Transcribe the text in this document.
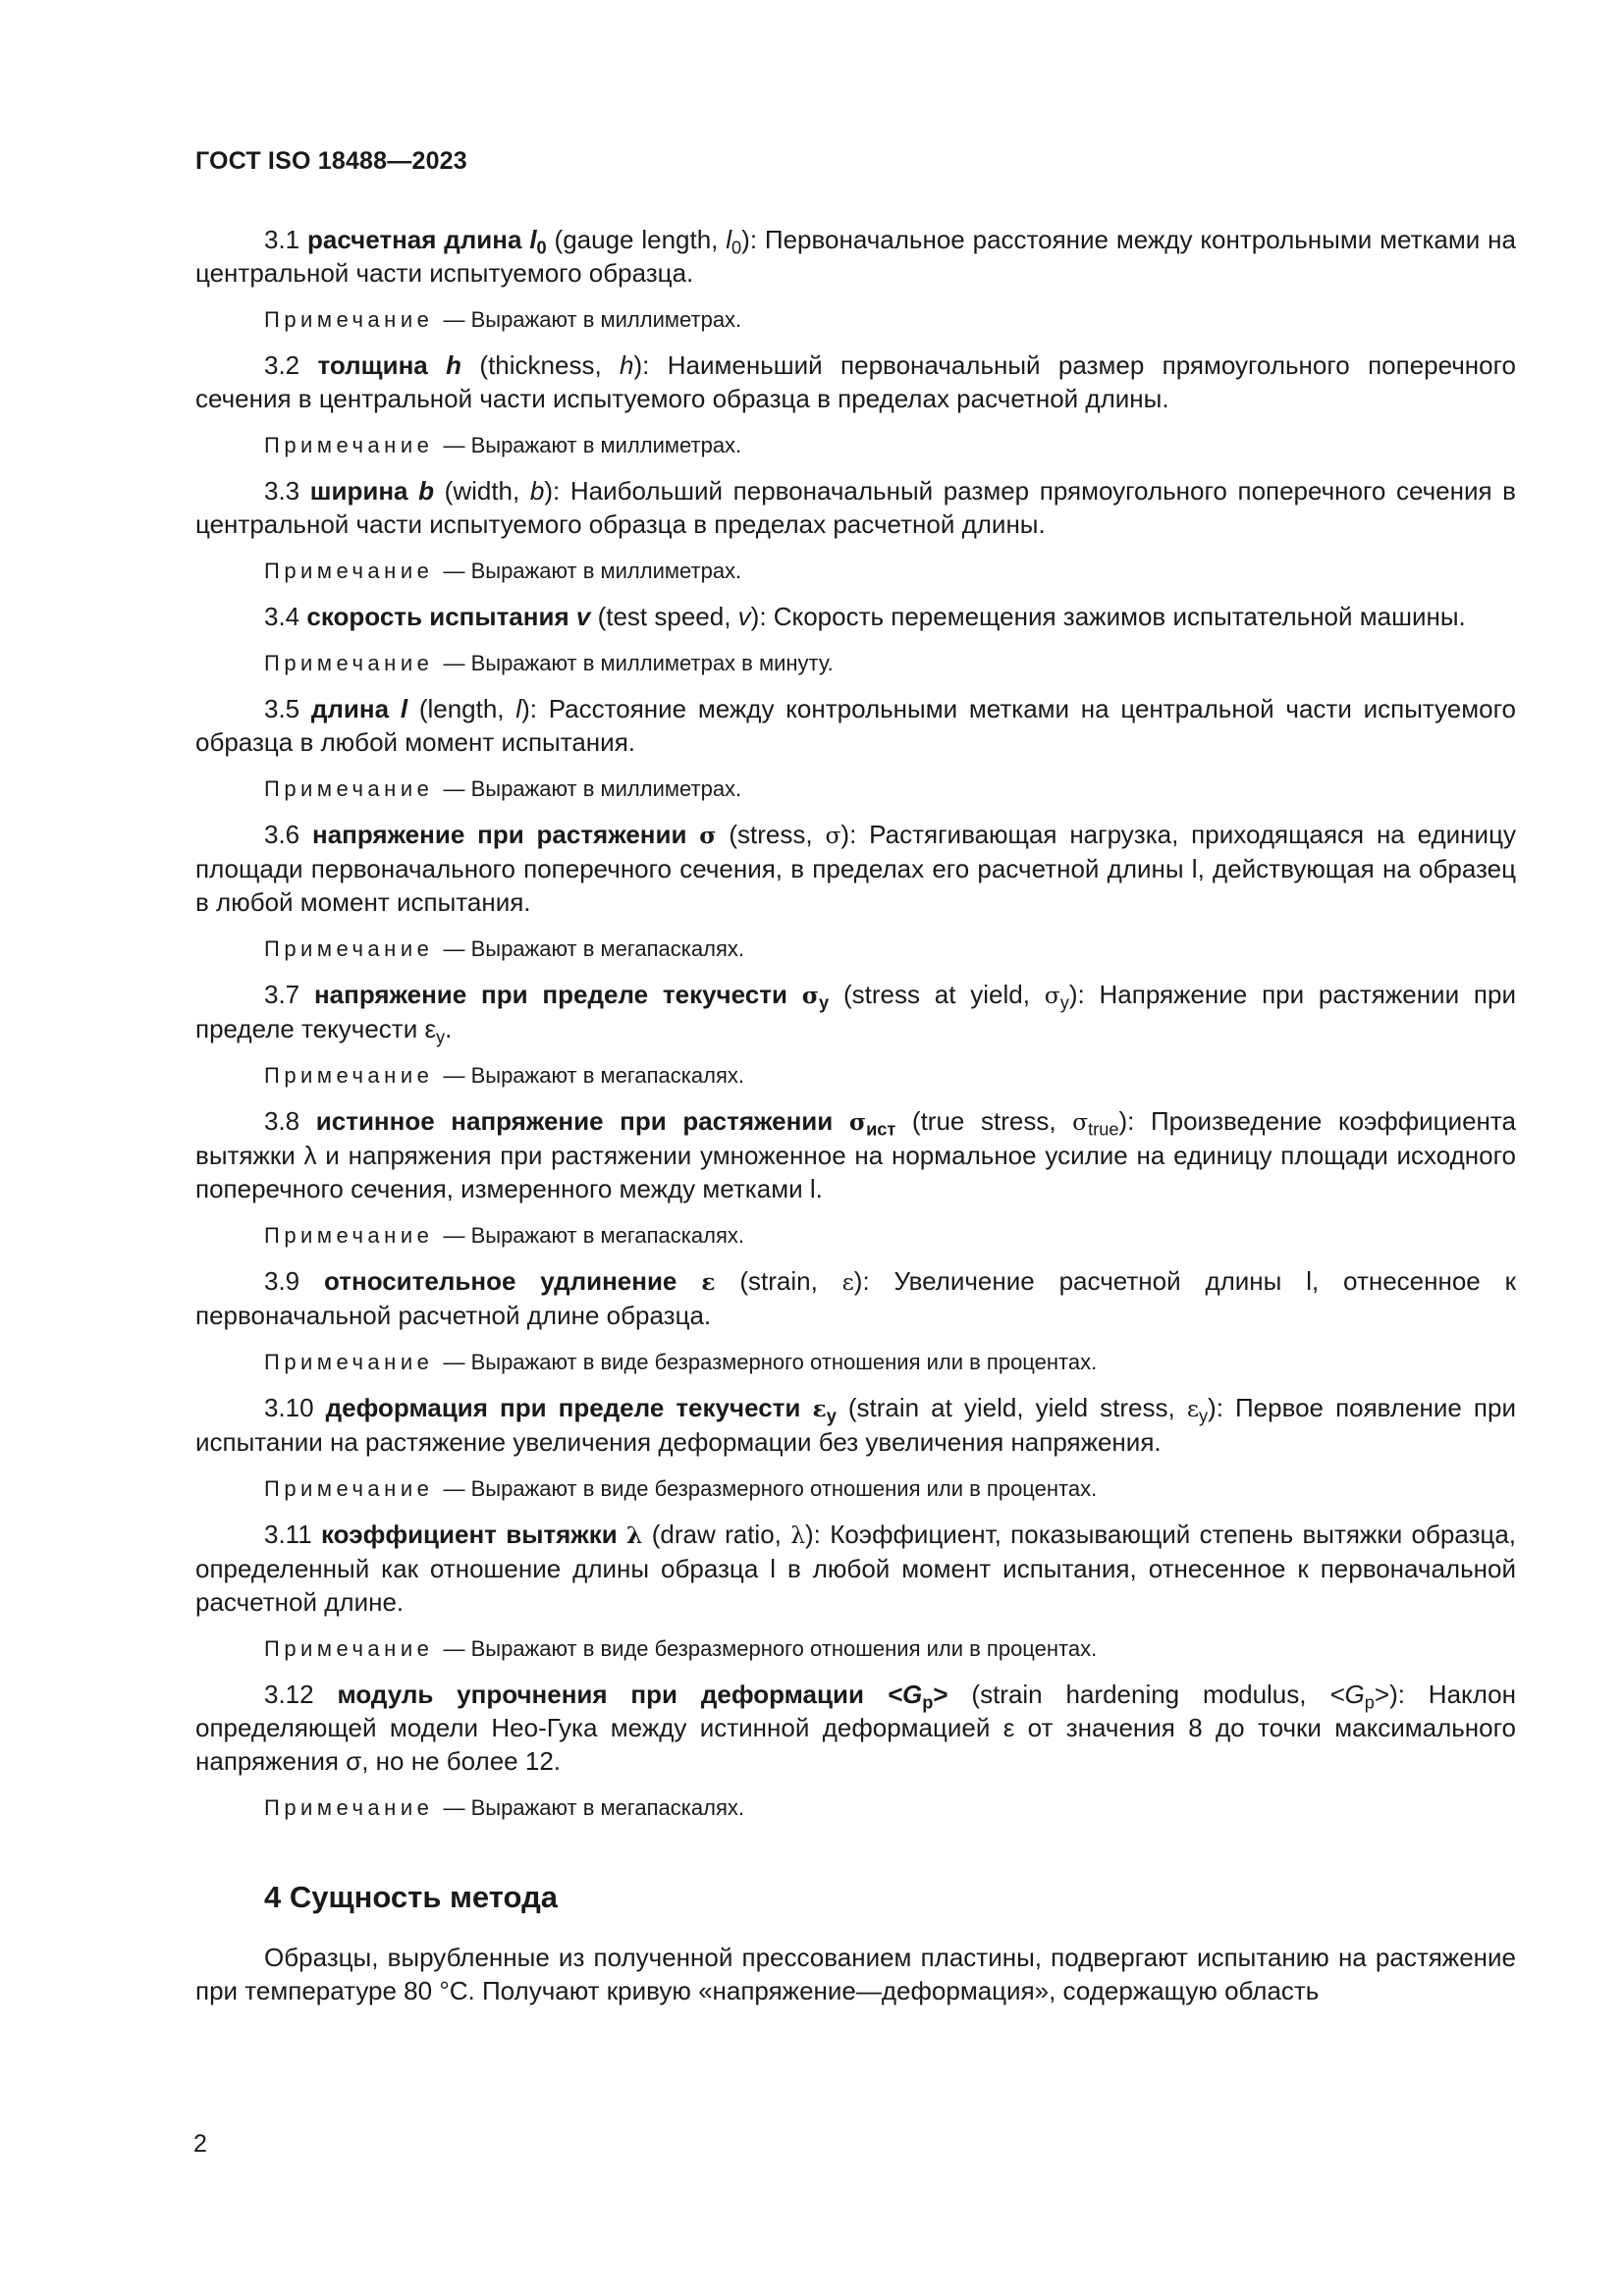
ГОСТ ISO 18488—2023

3.1 расчетная длина $l_0$ (gauge length, $l_0$): Первоначальное расстояние между контрольными метками на центральной части испытуемого образца.

Примечание — Выражают в миллиметрах.

3.2 толщина h (thickness, h): Наименьший первоначальный размер прямоугольного поперечного сечения в центральной части испытуемого образца в пределах расчетной длины.

Примечание — Выражают в миллиметрах.

3.3 ширина b (width, b): Наибольший первоначальный размер прямоугольного поперечного сечения в центральной части испытуемого образца в пределах расчетной длины.

Примечание — Выражают в миллиметрах.

3.4 скорость испытания v (test speed, v): Скорость перемещения зажимов испытательной машины.

Примечание — Выражают в миллиметрах в минуту.

3.5 длина l (length, l): Расстояние между контрольными метками на центральной части испытуемого образца в любой момент испытания.

Примечание — Выражают в миллиметрах.

3.6 напряжение при растяжении σ (stress, σ): Растягивающая нагрузка, приходящаяся на единицу площади первоначального поперечного сечения, в пределах его расчетной длины l, действующая на образец в любой момент испытания.

Примечание — Выражают в мегапаскалях.

3.7 напряжение при пределе текучести $\sigma_y$ (stress at yield, $\sigma_y$): Напряжение при растяжении при пределе текучести $\varepsilon_y$.

Примечание — Выражают в мегапаскалях.

3.8 истинное напряжение при растяжении $\sigma_{ист}$ (true stress, $\sigma_{true}$): Произведение коэффициента вытяжки λ и напряжения при растяжении умноженное на нормальное усилие на единицу площади исходного поперечного сечения, измеренного между метками l.

Примечание — Выражают в мегапаскалях.

3.9 относительное удлинение ε (strain, ε): Увеличение расчетной длины l, отнесенное к первоначальной расчетной длине образца.

Примечание — Выражают в виде безразмерного отношения или в процентах.

3.10 деформация при пределе текучести $\varepsilon_y$ (strain at yield, yield stress, $\varepsilon_y$): Первое появление при испытании на растяжение увеличения деформации без увеличения напряжения.

Примечание — Выражают в виде безразмерного отношения или в процентах.

3.11 коэффициент вытяжки λ (draw ratio, λ): Коэффициент, показывающий степень вытяжки образца, определенный как отношение длины образца l в любой момент испытания, отнесенное к первоначальной расчетной длине.

Примечание — Выражают в виде безразмерного отношения или в процентах.

3.12 модуль упрочнения при деформации $<G_p>$ (strain hardening modulus, $<G_p>$): Наклон определяющей модели Нео-Гука между истинной деформацией ε от значения 8 до точки максимального напряжения σ, но не более 12.

Примечание — Выражают в мегапаскалях.
4 Сущность метода

Образцы, вырубленные из полученной прессованием пластины, подвергают испытанию на растяжение при температуре 80 °C. Получают кривую «напряжение—деформация», содержащую область

2
